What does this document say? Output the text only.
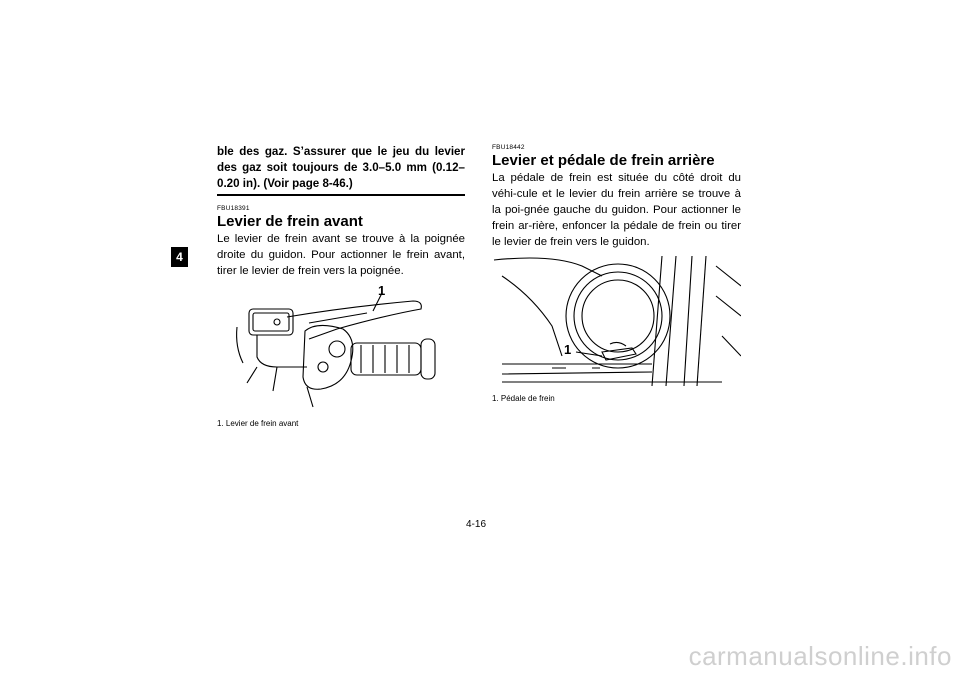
4

ble des gaz. S’assurer que le jeu du levier des gaz soit toujours de 3.0–5.0 mm (0.12–0.20 in). (Voir page 8-46.)

FBU18391

Levier de frein avant

Le levier de frein avant se trouve à la poignée droite du guidon. Pour actionner le frein avant, tirer le levier de frein vers la poignée.

1
1. Levier de frein avant

FBU18442

Levier et pédale de frein arrière

La pédale de frein est située du côté droit du véhi-cule et le levier du frein arrière se trouve à la poi-gnée gauche du guidon. Pour actionner le frein ar-rière, enfoncer la pédale de frein ou tirer le levier de frein vers le guidon.

1
1. Pédale de frein
4-16
carmanualsonline.info
